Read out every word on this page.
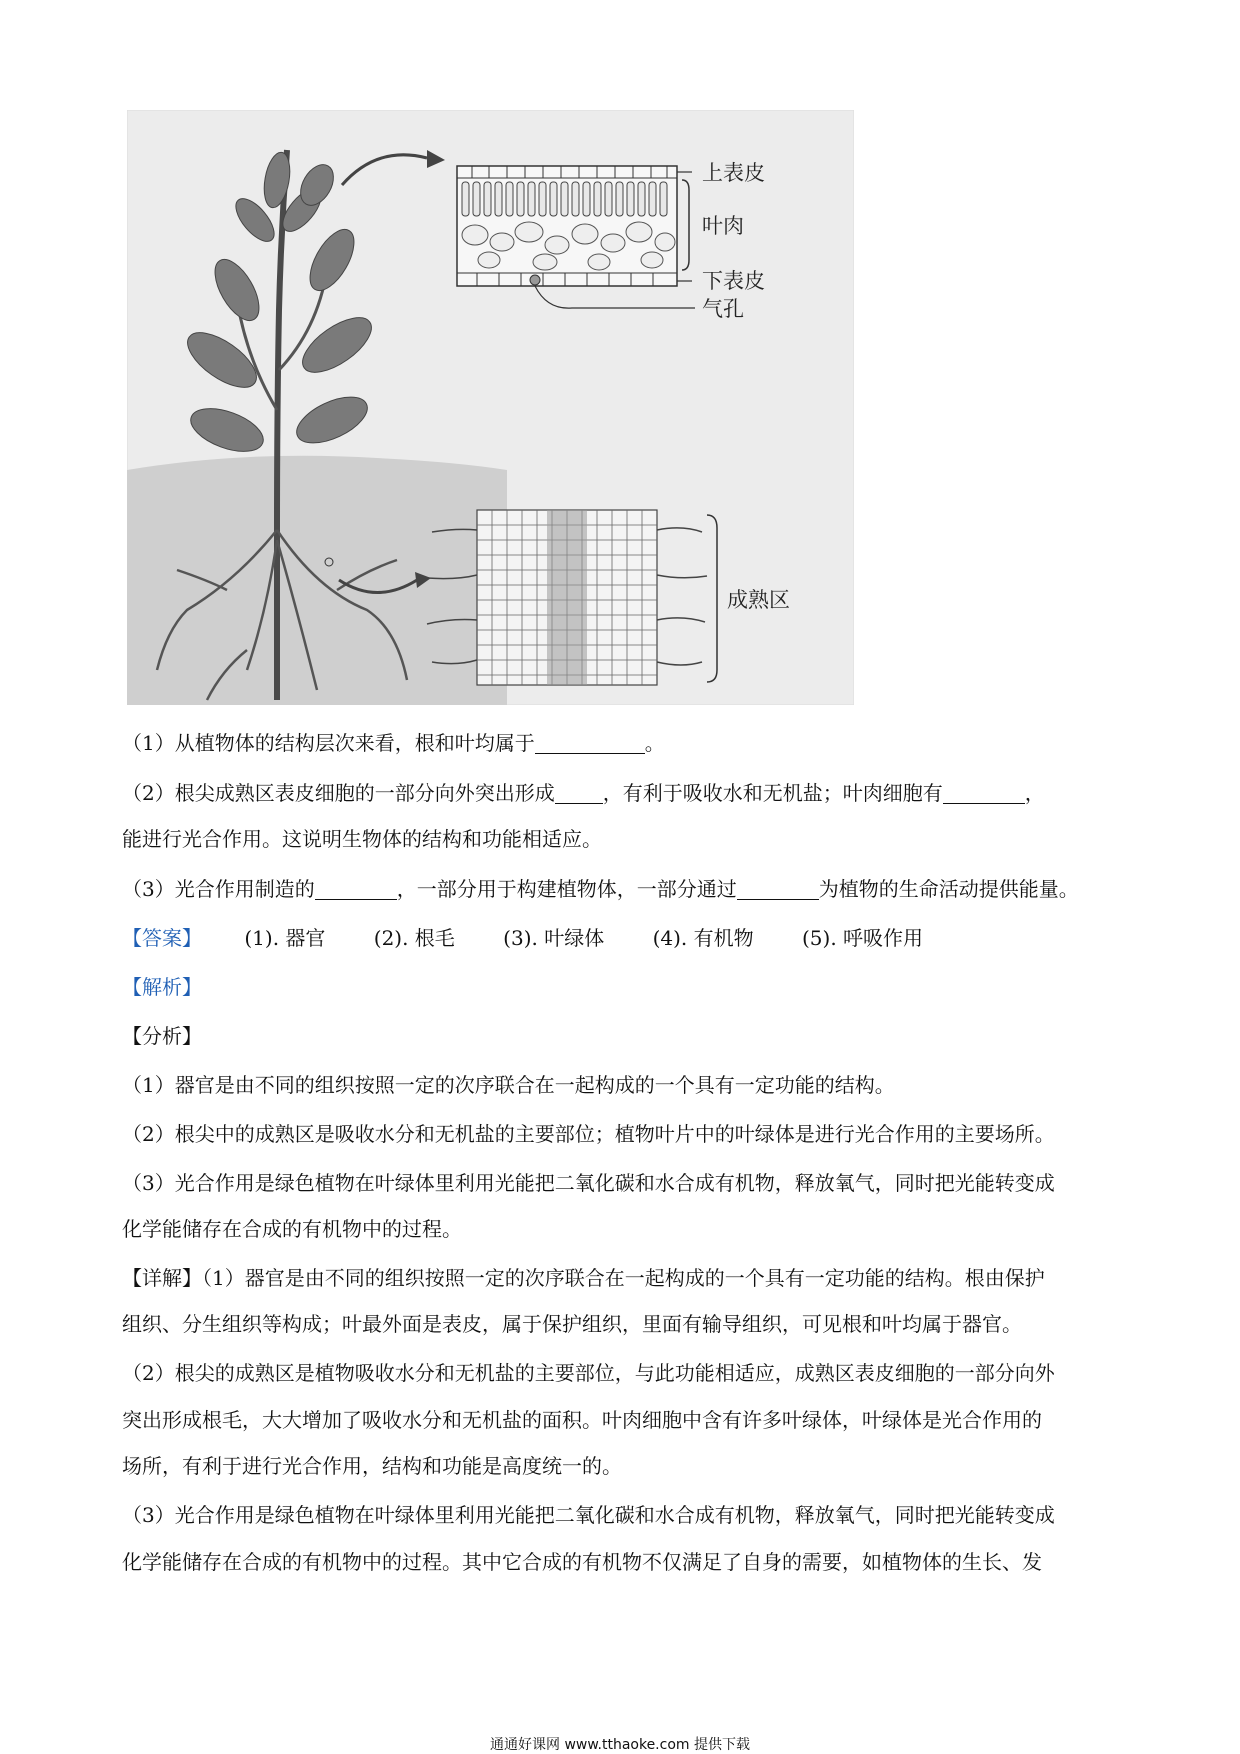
上表皮
叶肉
下表皮
气孔
成熟区
（1）从植物体的结构层次来看，根和叶均属于	。
（2）根尖成熟区表皮细胞的一部分向外突出形成 ，有利于吸收水和无机盐；叶肉细胞有	，
能进行光合作用。这说明生物体的结构和功能相适应。
（3）光合作用制造的	，一部分用于构建植物体，一部分通过	为植物的生命活动提供能量。
【答案】 (1). 器官 (2). 根毛 (3). 叶绿体 (4). 有机物 (5). 呼吸作用
【解析】
【分析】
（1）器官是由不同的组织按照一定的次序联合在一起构成的一个具有一定功能的结构。
（2）根尖中的成熟区是吸收水分和无机盐的主要部位；植物叶片中的叶绿体是进行光合作用的主要场所。
（3）光合作用是绿色植物在叶绿体里利用光能把二氧化碳和水合成有机物，释放氧气，同时把光能转变成
化学能储存在合成的有机物中的过程。
【详解】（1）器官是由不同的组织按照一定的次序联合在一起构成的一个具有一定功能的结构。根由保护
组织、分生组织等构成；叶最外面是表皮，属于保护组织，里面有输导组织，可见根和叶均属于器官。
（2）根尖的成熟区是植物吸收水分和无机盐的主要部位，与此功能相适应，成熟区表皮细胞的一部分向外
突出形成根毛，大大增加了吸收水分和无机盐的面积。叶肉细胞中含有许多叶绿体，叶绿体是光合作用的
场所，有利于进行光合作用，结构和功能是高度统一的。
（3）光合作用是绿色植物在叶绿体里利用光能把二氧化碳和水合成有机物，释放氧气，同时把光能转变成
化学能储存在合成的有机物中的过程。其中它合成的有机物不仅满足了自身的需要，如植物体的生长、发
通通好课网 www.tthaoke.com 提供下载
